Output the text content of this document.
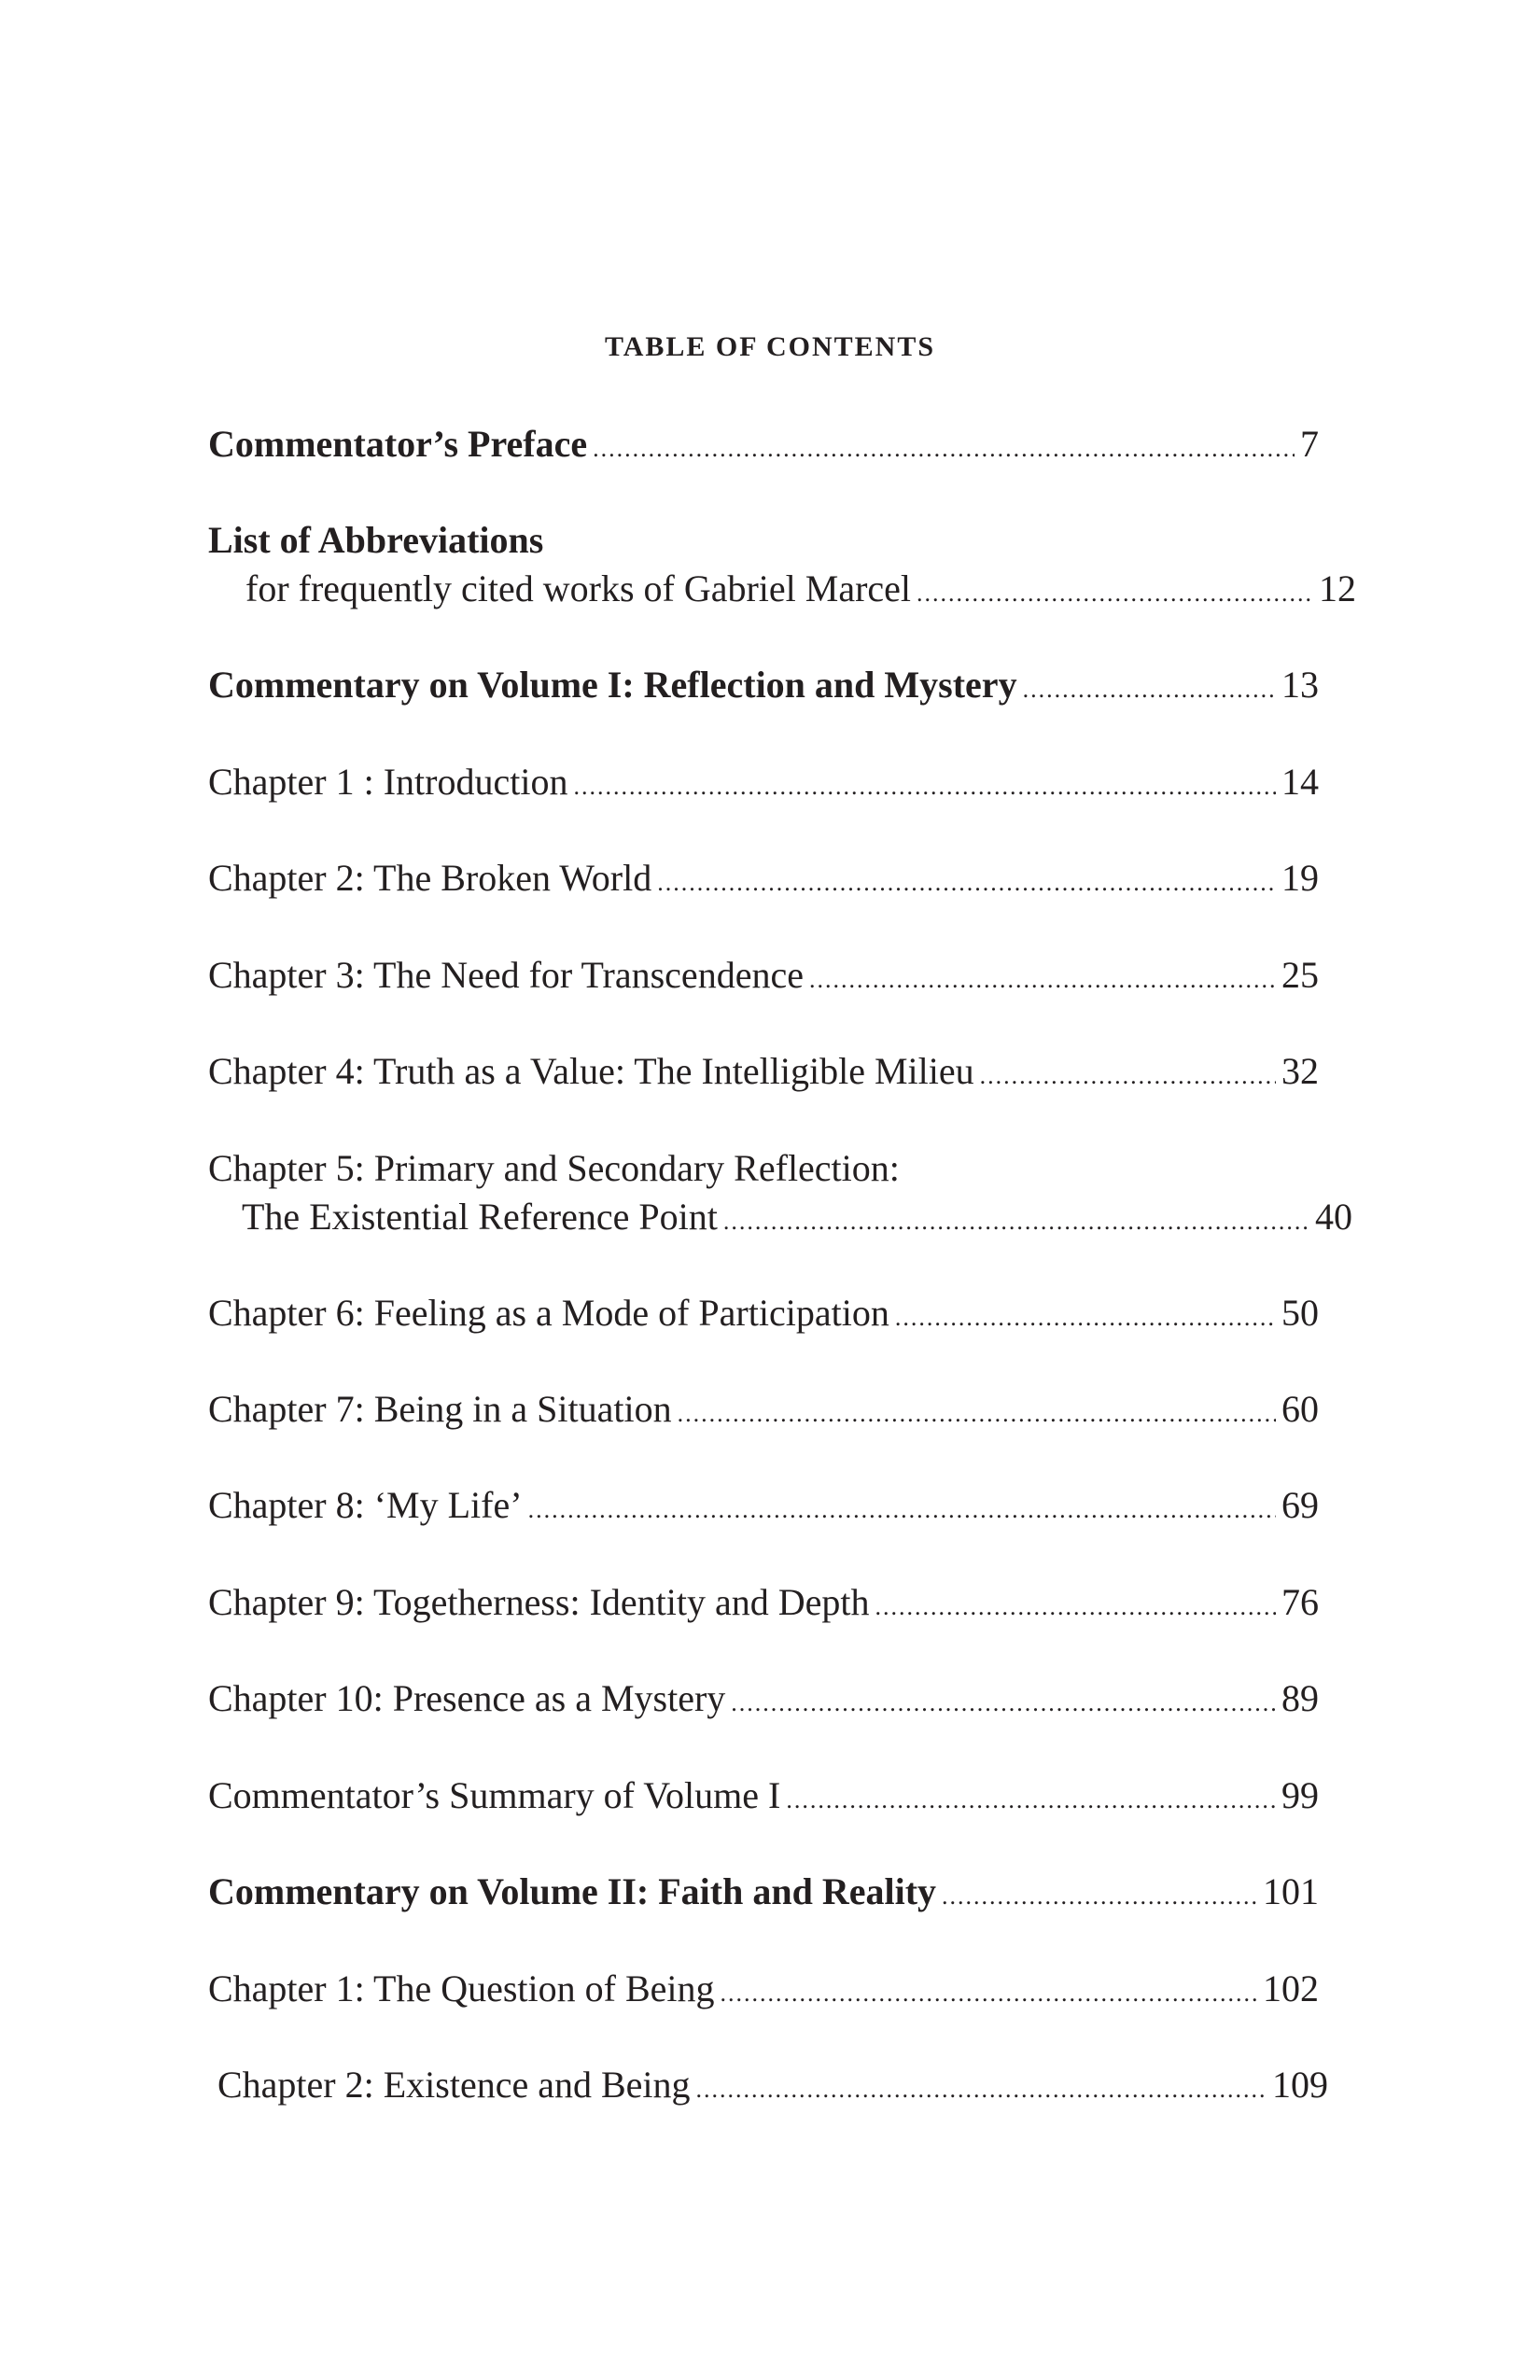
TABLE OF CONTENTS
Commentator’s Preface .....	7
List of Abbreviations
for frequently cited works of Gabriel Marcel .....	12
Commentary on Volume I: Reflection and Mystery .....	13
Chapter 1 : Introduction .....	14
Chapter 2: The Broken World .....	19
Chapter 3: The Need for Transcendence .....	25
Chapter 4: Truth as a Value: The Intelligible Milieu .....	32
Chapter 5: Primary and Secondary Reflection:
The Existential Reference Point .....	40
Chapter 6: Feeling as a Mode of Participation .....	50
Chapter 7: Being in a Situation .....	60
Chapter 8: ‘My Life’ .....	69
Chapter 9: Togetherness: Identity and Depth .....	76
Chapter 10: Presence as a Mystery .....	89
Commentator’s Summary of Volume I .....	99
Commentary on Volume II: Faith and Reality .....	101
Chapter 1: The Question of Being .....	102
Chapter 2: Existence and Being .....	109
